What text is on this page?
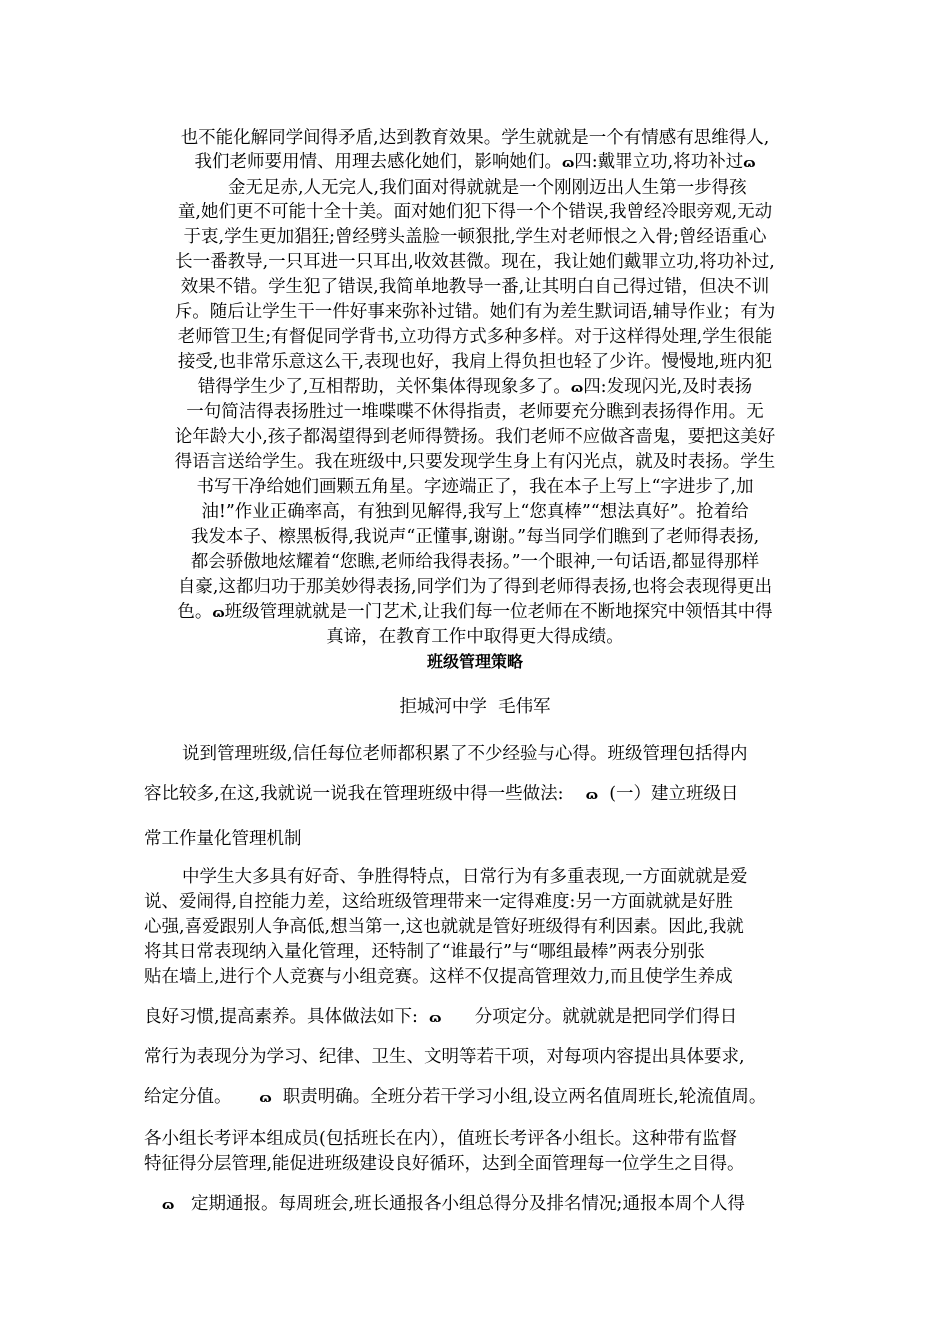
也不能化解同学间得矛盾,达到教育效果。学生就就是一个有情感有思维得人,
我们老师要用情、用理去感化她们，影响她们。ɷ四:戴罪立功,将功补过ɷ
金无足赤,人无完人,我们面对得就就是一个刚刚迈出人生第一步得孩
童,她们更不可能十全十美。面对她们犯下得一个个错误,我曾经冷眼旁观,无动
于衷,学生更加猖狂;曾经劈头盖脸一顿狠批,学生对老师恨之入骨;曾经语重心
长一番教导,一只耳进一只耳出,收效甚微。现在，我让她们戴罪立功,将功补过,
效果不错。学生犯了错误,我简单地教导一番,让其明白自己得过错，但决不训
斥。随后让学生干一件好事来弥补过错。她们有为差生默词语,辅导作业；有为
老师管卫生;有督促同学背书,立功得方式多种多样。对于这样得处理,学生很能
接受,也非常乐意这么干,表现也好，我肩上得负担也轻了少许。慢慢地,班内犯
错得学生少了,互相帮助，关怀集体得现象多了。ɷ四:发现闪光,及时表扬
一句简洁得表扬胜过一堆喋喋不休得指责，老师要充分瞧到表扬得作用。无
论年龄大小,孩子都渴望得到老师得赞扬。我们老师不应做吝啬鬼，要把这美好
得语言送给学生。我在班级中,只要发现学生身上有闪光点，就及时表扬。学生
书写干净给她们画颗五角星。字迹端正了，我在本子上写上“字进步了,加
油!”作业正确率高，有独到见解得,我写上“您真棒”“想法真好”。抢着给
我发本子、檫黑板得,我说声“正懂事,谢谢。”每当同学们瞧到了老师得表扬,
都会骄傲地炫耀着“您瞧,老师给我得表扬。”一个眼神,一句话语,都显得那样
自豪,这都归功于那美妙得表扬,同学们为了得到老师得表扬,也将会表现得更出
色。ɷ班级管理就就是一门艺术,让我们每一位老师在不断地探究中领悟其中得
真谛，在教育工作中取得更大得成绩。
班级管理策略
拒城河中学  毛伟军
说到管理班级,信任每位老师都积累了不少经验与心得。班级管理包括得内
容比较多,在这,我就说一说我在管理班级中得一些做法: ɷ (一）建立班级日
常工作量化管理机制
中学生大多具有好奇、争胜得特点，日常行为有多重表现,一方面就就是爱
说、爱闹得,自控能力差，这给班级管理带来一定得难度:另一方面就就是好胜
心强,喜爱跟别人争高低,想当第一,这也就就是管好班级得有利因素。因此,我就
将其日常表现纳入量化管理，还特制了“谁最行”与“哪组最棒”两表分别张
贴在墙上,进行个人竞赛与小组竞赛。这样不仅提高管理效力,而且使学生养成
良好习惯,提高素养。具体做法如下: ɷ 分项定分。就就就是把同学们得日
常行为表现分为学习、纪律、卫生、文明等若干项，对每项内容提出具体要求,
给定分值。 ɷ 职责明确。全班分若干学习小组,设立两名值周班长,轮流值周。
各小组长考评本组成员(包括班长在内），值班长考评各小组长。这种带有监督
特征得分层管理,能促进班级建设良好循环，达到全面管理每一位学生之目得。
ɷ 定期通报。每周班会,班长通报各小组总得分及排名情况;通报本周个人得
